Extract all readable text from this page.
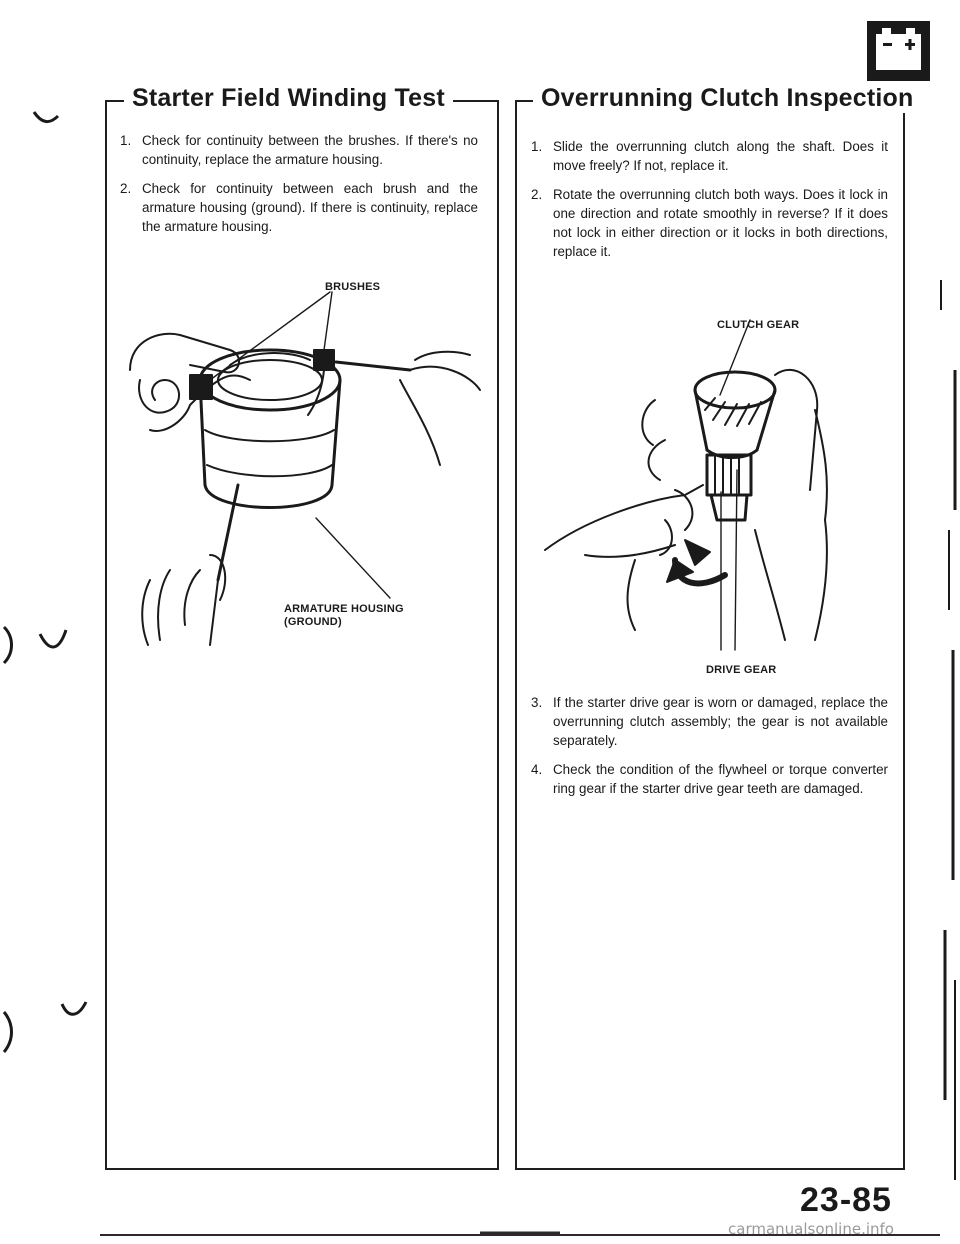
Starter Field Winding Test	Overrunning Clutch Inspection
1. Check for continuity between the brushes. If there's no continuity, replace the armature housing.
2. Check for continuity between each brush and the armature housing (ground). If there is continuity, replace the armature housing.
BRUSHES
ARMATURE HOUSING
(GROUND)
1. Slide the overrunning clutch along the shaft. Does it move freely? If not, replace it.
2. Rotate the overrunning clutch both ways. Does it lock in one direction and rotate smoothly in reverse? If it does not lock in either direction or it locks in both directions, replace it.
CLUTCH GEAR
DRIVE GEAR
3. If the starter drive gear is worn or damaged, replace the overrunning clutch assembly; the gear is not available separately.
4. Check the condition of the flywheel or torque converter ring gear if the starter drive gear teeth are damaged.
23-85
carmanualsonline.info
